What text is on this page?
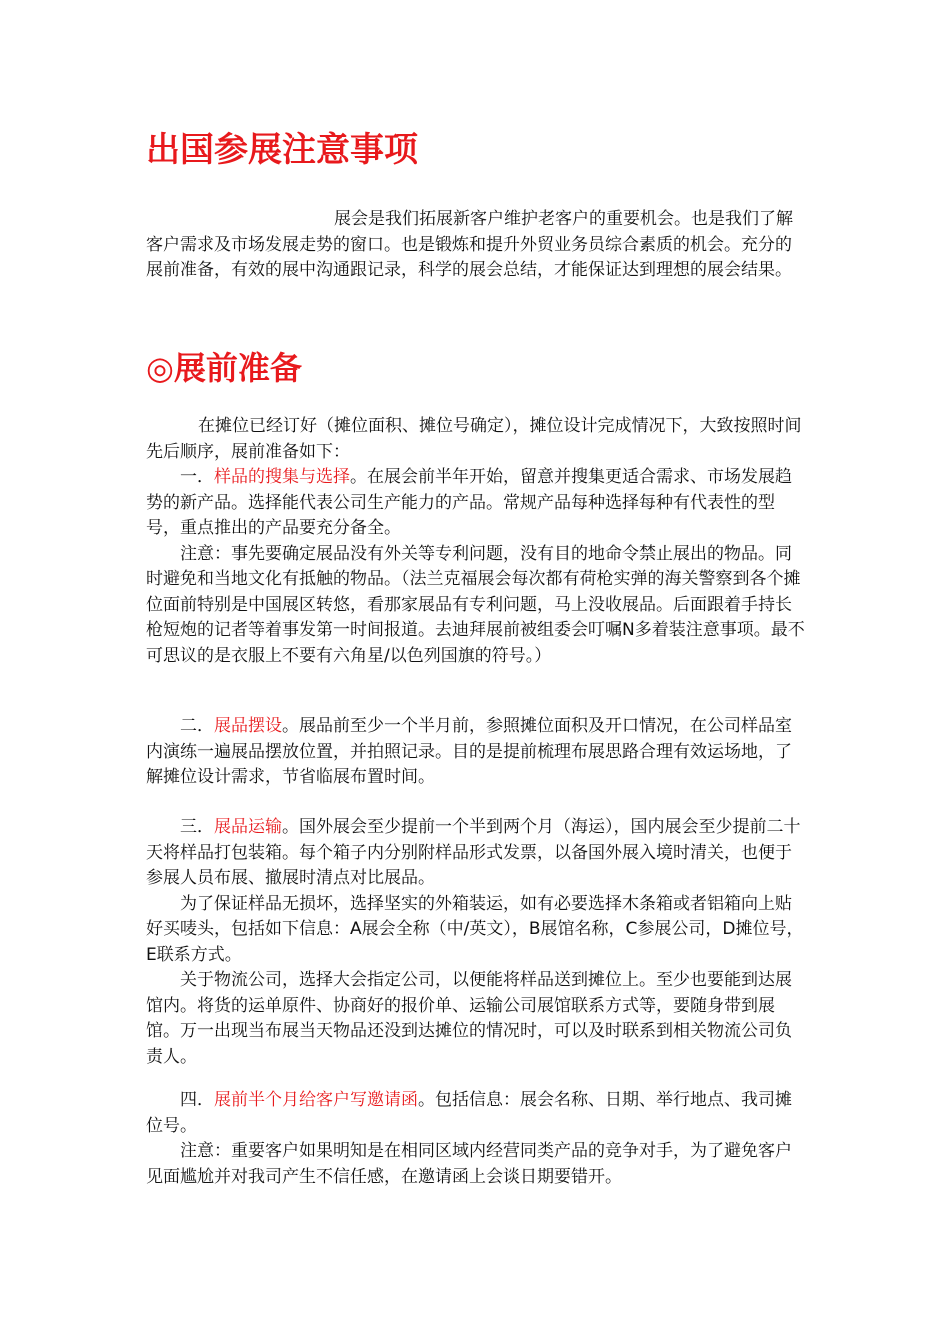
出国参展注意事项

展会是我们拓展新客户维护老客户的重要机会。也是我们了解客户需求及市场发展走势的窗口。也是锻炼和提升外贸业务员综合素质的机会。充分的展前准备，有效的展中沟通跟记录，科学的展会总结，才能保证达到理想的展会结果。

◎展前准备

在摊位已经订好（摊位面积、摊位号确定），摊位设计完成情况下，大致按照时间先后顺序，展前准备如下：

一．样品的搜集与选择。在展会前半年开始，留意并搜集更适合需求、市场发展趋势的新产品。选择能代表公司生产能力的产品。常规产品每种选择每种有代表性的型号，重点推出的产品要充分备全。

注意：事先要确定展品没有外关等专利问题，没有目的地命令禁止展出的物品。同时避免和当地文化有抵触的物品。（法兰克福展会每次都有荷枪实弹的海关警察到各个摊位面前特别是中国展区转悠，看那家展品有专利问题，马上没收展品。后面跟着手持长枪短炮的记者等着事发第一时间报道。去迪拜展前被组委会叮嘱N多着装注意事项。最不可思议的是衣服上不要有六角星/以色列国旗的符号。）

二．展品摆设。展品前至少一个半月前，参照摊位面积及开口情况，在公司样品室内演练一遍展品摆放位置，并拍照记录。目的是提前梳理布展思路合理有效运场地，了解摊位设计需求，节省临展布置时间。

三．展品运输。国外展会至少提前一个半到两个月（海运），国内展会至少提前二十天将样品打包装箱。每个箱子内分别附样品形式发票，以备国外展入境时清关，也便于参展人员布展、撤展时清点对比展品。

为了保证样品无损坏，选择坚实的外箱装运，如有必要选择木条箱或者铝箱向上贴好买唛头，包括如下信息：A展会全称（中/英文），B展馆名称，C参展公司，D摊位号，E联系方式。

关于物流公司，选择大会指定公司，以便能将样品送到摊位上。至少也要能到达展馆内。将货的运单原件、协商好的报价单、运输公司展馆联系方式等，要随身带到展馆。万一出现当布展当天物品还没到达摊位的情况时，可以及时联系到相关物流公司负责人。

四．展前半个月给客户写邀请函。包括信息：展会名称、日期、举行地点、我司摊位号。

注意：重要客户如果明知是在相同区域内经营同类产品的竞争对手，为了避免客户见面尴尬并对我司产生不信任感，在邀请函上会谈日期要错开。
